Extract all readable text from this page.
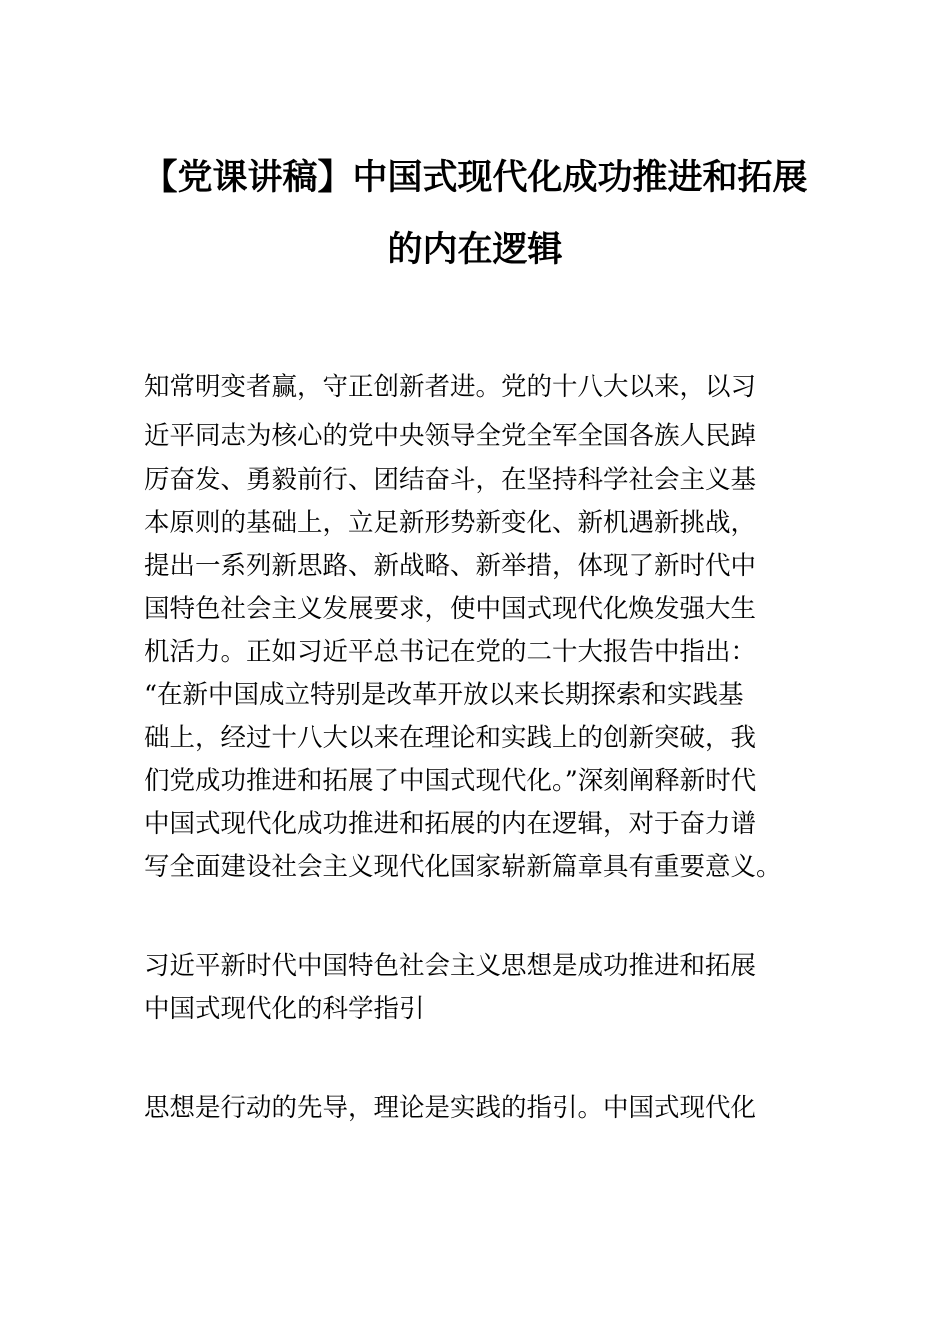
【党课讲稿】中国式现代化成功推进和拓展
的内在逻辑

知常明变者赢，守正创新者进。党的十八大以来，以习

近平同志为核心的党中央领导全党全军全国各族人民踔

厉奋发、勇毅前行、团结奋斗，在坚持科学社会主义基

本原则的基础上，立足新形势新变化、新机遇新挑战，

提出一系列新思路、新战略、新举措，体现了新时代中

国特色社会主义发展要求，使中国式现代化焕发强大生

机活力。正如习近平总书记在党的二十大报告中指出：

“在新中国成立特别是改革开放以来长期探索和实践基

础上，经过十八大以来在理论和实践上的创新突破，我

们党成功推进和拓展了中国式现代化。”深刻阐释新时代

中国式现代化成功推进和拓展的内在逻辑，对于奋力谱

写全面建设社会主义现代化国家崭新篇章具有重要意义。

习近平新时代中国特色社会主义思想是成功推进和拓展

中国式现代化的科学指引

思想是行动的先导，理论是实践的指引。中国式现代化
